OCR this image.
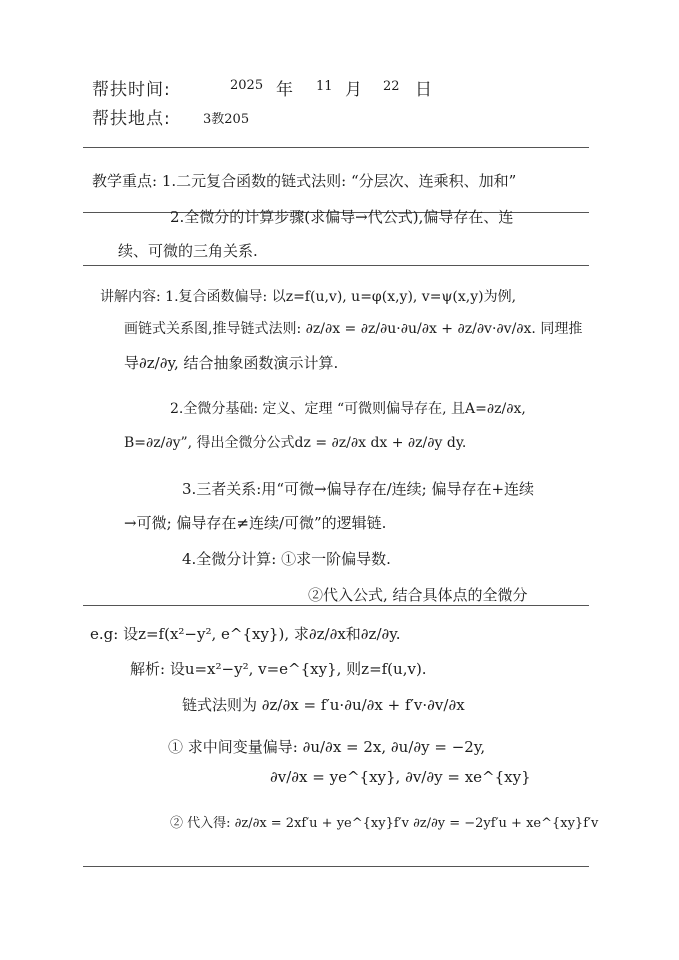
帮扶时间:	2025 年 11 月 22 日
帮扶地点: 3教205
教学重点: 1.二元复合函数的链式法则: “分层次、连乘积、加和”
2.全微分的计算步骤(求偏导→代公式),偏导存在、连
续、可微的三角关系.
讲解内容: 1.复合函数偏导: 以z=f(u,v), u=φ(x,y), v=ψ(x,y)为例,
画链式关系图,推导链式法则: ∂z/∂x = ∂z/∂u·∂u/∂x + ∂z/∂v·∂v/∂x. 同理推
导∂z/∂y, 结合抽象函数演示计算.
2.全微分基础: 定义、定理 “可微则偏导存在, 且A=∂z/∂x,
B=∂z/∂y”, 得出全微分公式dz = ∂z/∂x dx + ∂z/∂y dy.
3.三者关系:用“可微→偏导存在/连续; 偏导存在+连续
→可微; 偏导存在≠连续/可微”的逻辑链.
4.全微分计算: ①求一阶偏导数.
②代入公式, 结合具体点的全微分
e.g: 设z=f(x²−y², e^{xy}), 求∂z/∂x和∂z/∂y.
解析: 设u=x²−y², v=e^{xy}, 则z=f(u,v).
链式法则为 ∂z/∂x = f′u·∂u/∂x + f′v·∂v/∂x
① 求中间变量偏导: ∂u/∂x = 2x, ∂u/∂y = −2y,
∂v/∂x = ye^{xy}, ∂v/∂y = xe^{xy}
② 代入得: ∂z/∂x = 2xf′u + ye^{xy}f′v ∂z/∂y = −2yf′u + xe^{xy}f′v
